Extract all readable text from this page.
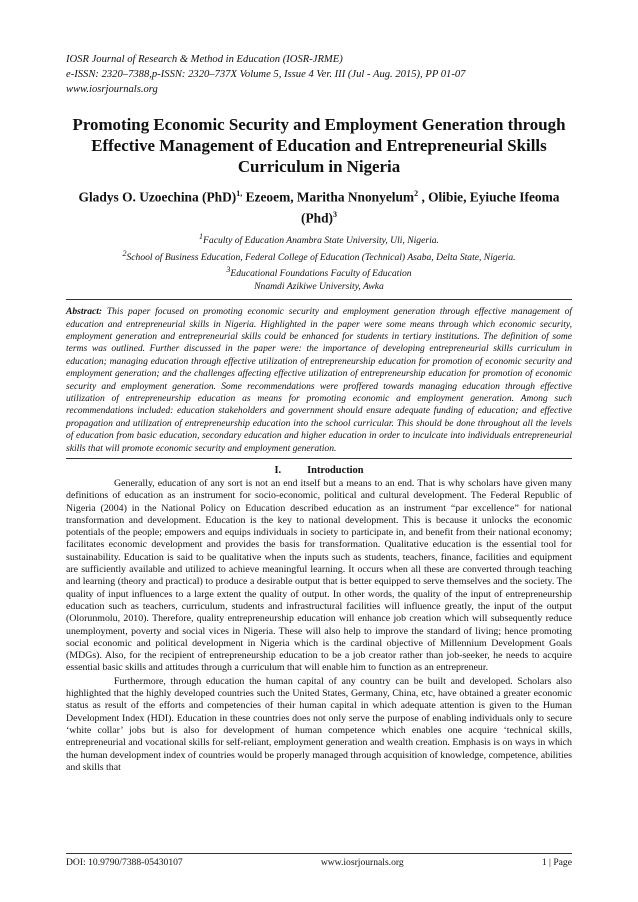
IOSR Journal of Research & Method in Education (IOSR-JRME)
e-ISSN: 2320–7388,p-ISSN: 2320–737X Volume 5, Issue 4 Ver. III (Jul - Aug. 2015), PP 01-07
www.iosrjournals.org
Promoting Economic Security and Employment Generation through Effective Management of Education and Entrepreneurial Skills Curriculum in Nigeria
Gladys O. Uzoechina (PhD)$^{1,}$ Ezeoem, Maritha Nnonyelum$^2$ , Olibie, Eyiuche Ifeoma (Phd)$^3$
$^1$Faculty of Education Anambra State University, Uli, Nigeria.
$^2$School of Business Education, Federal College of Education (Technical) Asaba, Delta State, Nigeria.
$^3$Educational Foundations Faculty of Education
Nnamdi Azikiwe University, Awka
Abstract: This paper focused on promoting economic security and employment generation through effective management of education and entrepreneurial skills in Nigeria. Highlighted in the paper were some means through which economic security, employment generation and entrepreneurial skills could be enhanced for students in tertiary institutions. The definition of some terms was outlined. Further discussed in the paper were: the importance of developing entrepreneurial skills curriculum in education; managing education through effective utilization of entrepreneurship education for promotion of economic security and employment generation; and the challenges affecting effective utilization of entrepreneurship education for promotion of economic security and employment generation. Some recommendations were proffered towards managing education through effective utilization of entrepreneurship education as means for promoting economic and employment generation. Among such recommendations included: education stakeholders and government should ensure adequate funding of education; and effective propagation and utilization of entrepreneurship education into the school curricular. This should be done throughout all the levels of education from basic education, secondary education and higher education in order to inculcate into individuals entrepreneurial skills that will promote economic security and employment generation.
I.	Introduction

Generally, education of any sort is not an end itself but a means to an end. That is why scholars have given many definitions of education as an instrument for socio-economic, political and cultural development. The Federal Republic of Nigeria (2004) in the National Policy on Education described education as an instrument “par excellence” for national transformation and development. Education is the key to national development. This is because it unlocks the economic potentials of the people; empowers and equips individuals in society to participate in, and benefit from their national economy; facilitates economic development and provides the basis for transformation. Qualitative education is the essential tool for sustainability. Education is said to be qualitative when the inputs such as students, teachers, finance, facilities and equipment are sufficiently available and utilized to achieve meaningful learning. It occurs when all these are converted through teaching and learning (theory and practical) to produce a desirable output that is better equipped to serve themselves and the society. The quality of input influences to a large extent the quality of output. In other words, the quality of the input of entrepreneurship education such as teachers, curriculum, students and infrastructural facilities will influence greatly, the input of the output (Olorunmolu, 2010). Therefore, quality entrepreneurship education will enhance job creation which will subsequently reduce unemployment, poverty and social vices in Nigeria. These will also help to improve the standard of living; hence promoting social economic and political development in Nigeria which is the cardinal objective of Millennium Development Goals (MDGs). Also, for the recipient of entrepreneurship education to be a job creator rather than job-seeker, he needs to acquire essential basic skills and attitudes through a curriculum that will enable him to function as an entrepreneur.

Furthermore, through education the human capital of any country can be built and developed. Scholars also highlighted that the highly developed countries such the United States, Germany, China, etc, have obtained a greater economic status as result of the efforts and competencies of their human capital in which adequate attention is given to the Human Development Index (HDI). Education in these countries does not only serve the purpose of enabling individuals only to secure ‘white collar’ jobs but is also for development of human competence which enables one acquire ‘technical skills, entrepreneurial and vocational skills for self-reliant, employment generation and wealth creation. Emphasis is on ways in which the human development index of countries would be properly managed through acquisition of knowledge, competence, abilities and skills that

DOI: 10.9790/7388-05430107	www.iosrjournals.org	1 | Page
